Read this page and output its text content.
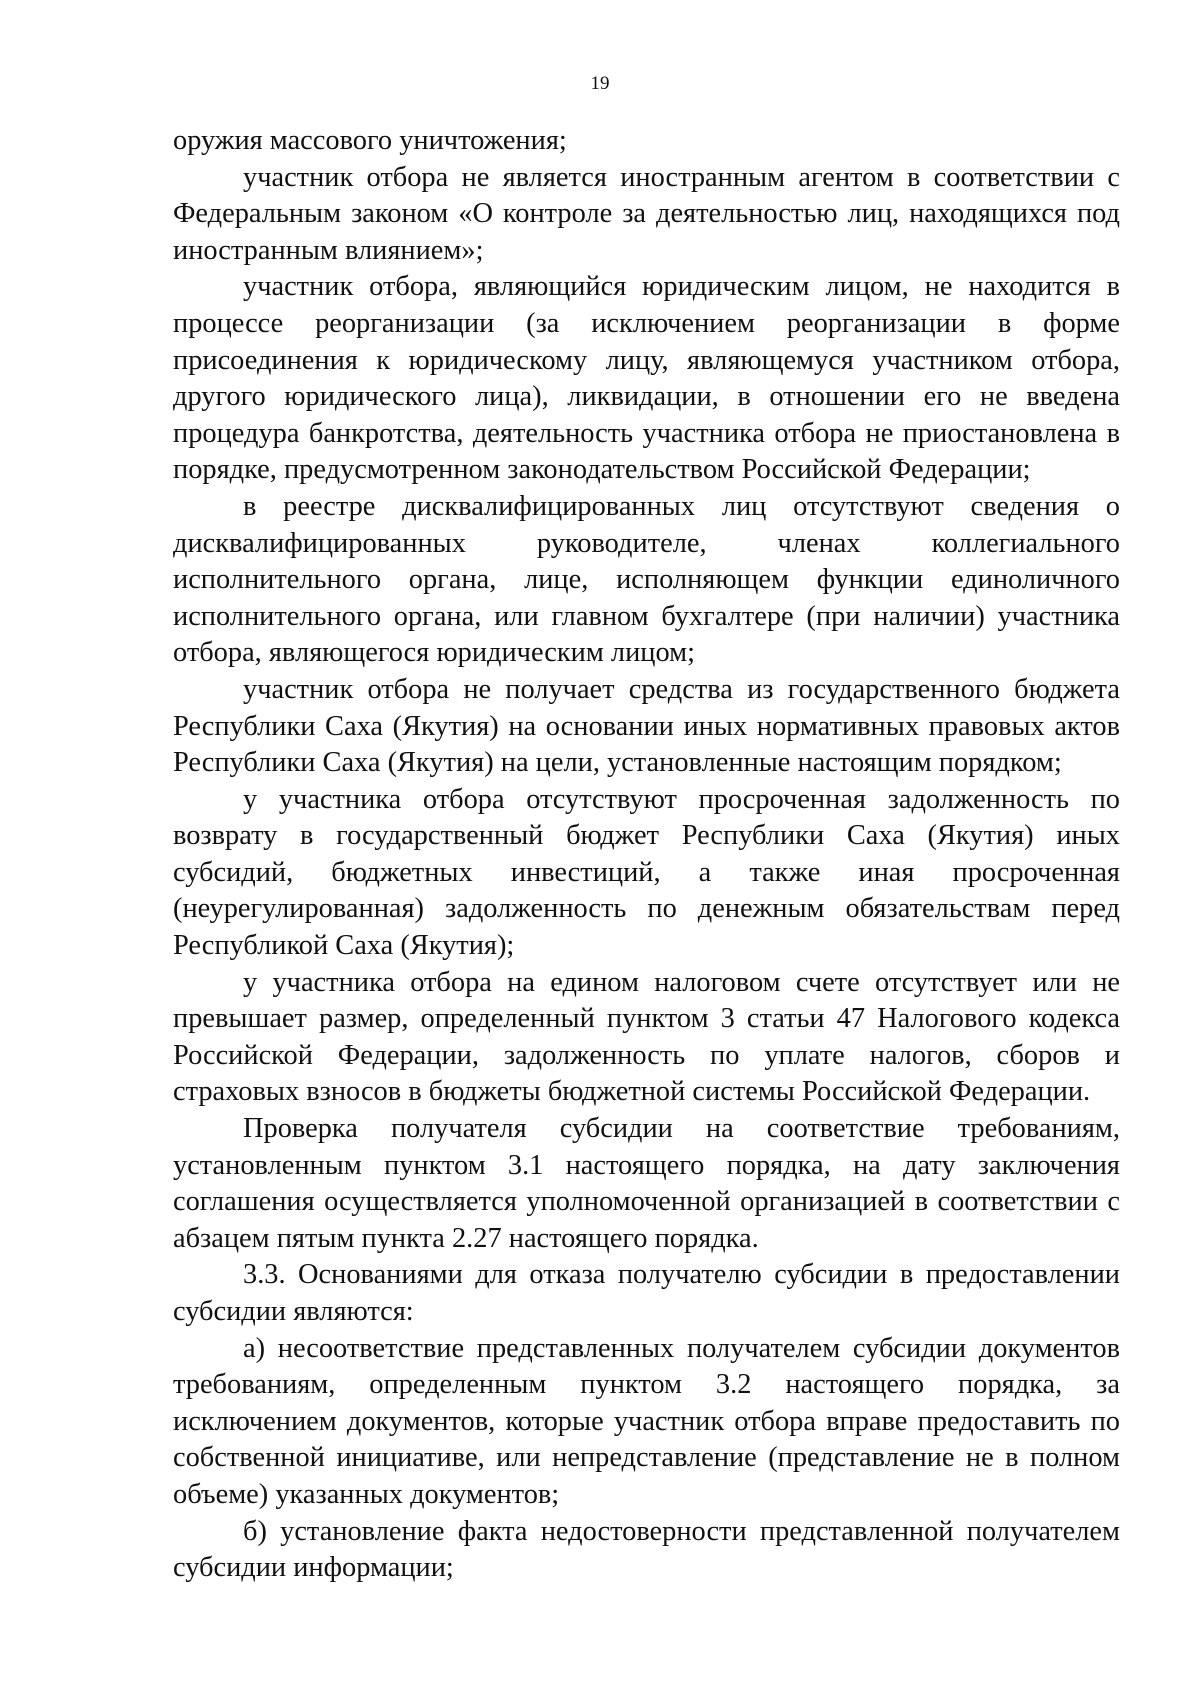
19

оружия массового уничтожения;

участник отбора не является иностранным агентом в соответствии с Федеральным законом «О контроле за деятельностью лиц, находящихся под иностранным влиянием»;

участник отбора, являющийся юридическим лицом, не находится в процессе реорганизации (за исключением реорганизации в форме присоединения к юридическому лицу, являющемуся участником отбора, другого юридического лица), ликвидации, в отношении его не введена процедура банкротства, деятельность участника отбора не приостановлена в порядке, предусмотренном законодательством Российской Федерации;

в реестре дисквалифицированных лиц отсутствуют сведения о дисквалифицированных руководителе, членах коллегиального исполнительного органа, лице, исполняющем функции единоличного исполнительного органа, или главном бухгалтере (при наличии) участника отбора, являющегося юридическим лицом;

участник отбора не получает средства из государственного бюджета Республики Саха (Якутия) на основании иных нормативных правовых актов Республики Саха (Якутия) на цели, установленные настоящим порядком;

у участника отбора отсутствуют просроченная задолженность по возврату в государственный бюджет Республики Саха (Якутия) иных субсидий, бюджетных инвестиций, а также иная просроченная (неурегулированная) задолженность по денежным обязательствам перед Республикой Саха (Якутия);

у участника отбора на едином налоговом счете отсутствует или не превышает размер, определенный пунктом 3 статьи 47 Налогового кодекса Российской Федерации, задолженность по уплате налогов, сборов и страховых взносов в бюджеты бюджетной системы Российской Федерации.

Проверка получателя субсидии на соответствие требованиям, установленным пунктом 3.1 настоящего порядка, на дату заключения соглашения осуществляется уполномоченной организацией в соответствии с абзацем пятым пункта 2.27 настоящего порядка.

3.3. Основаниями для отказа получателю субсидии в предоставлении субсидии являются:

а) несоответствие представленных получателем субсидии документов требованиям, определенным пунктом 3.2 настоящего порядка, за исключением документов, которые участник отбора вправе предоставить по собственной инициативе, или непредставление (представление не в полном объеме) указанных документов;

б) установление факта недостоверности представленной получателем субсидии информации;
